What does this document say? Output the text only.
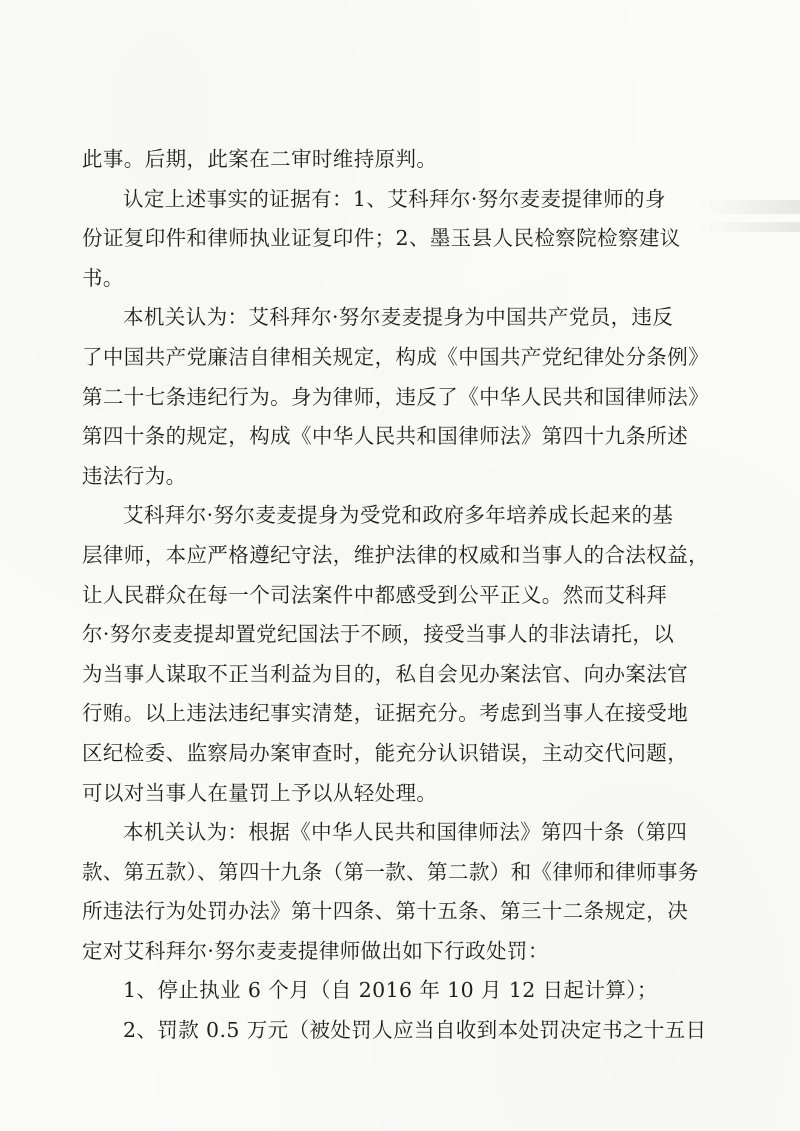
此事。后期，此案在二审时维持原判。
认定上述事实的证据有：1、艾科拜尔·努尔麦麦提律师的身
份证复印件和律师执业证复印件；2、墨玉县人民检察院检察建议
书。
本机关认为：艾科拜尔·努尔麦麦提身为中国共产党员，违反
了中国共产党廉洁自律相关规定，构成《中国共产党纪律处分条例》
第二十七条违纪行为。身为律师，违反了《中华人民共和国律师法》
第四十条的规定，构成《中华人民共和国律师法》第四十九条所述
违法行为。
艾科拜尔·努尔麦麦提身为受党和政府多年培养成长起来的基
层律师，本应严格遵纪守法，维护法律的权威和当事人的合法权益，
让人民群众在每一个司法案件中都感受到公平正义。然而艾科拜
尔·努尔麦麦提却置党纪国法于不顾，接受当事人的非法请托，以
为当事人谋取不正当利益为目的，私自会见办案法官、向办案法官
行贿。以上违法违纪事实清楚，证据充分。考虑到当事人在接受地
区纪检委、监察局办案审查时，能充分认识错误，主动交代问题，
可以对当事人在量罚上予以从轻处理。
本机关认为：根据《中华人民共和国律师法》第四十条（第四
款、第五款）、第四十九条（第一款、第二款）和《律师和律师事务
所违法行为处罚办法》第十四条、第十五条、第三十二条规定，决
定对艾科拜尔·努尔麦麦提律师做出如下行政处罚：
1、停止执业 6 个月（自 2016 年 10 月 12 日起计算）；
2、罚款 0.5 万元（被处罚人应当自收到本处罚决定书之十五日
